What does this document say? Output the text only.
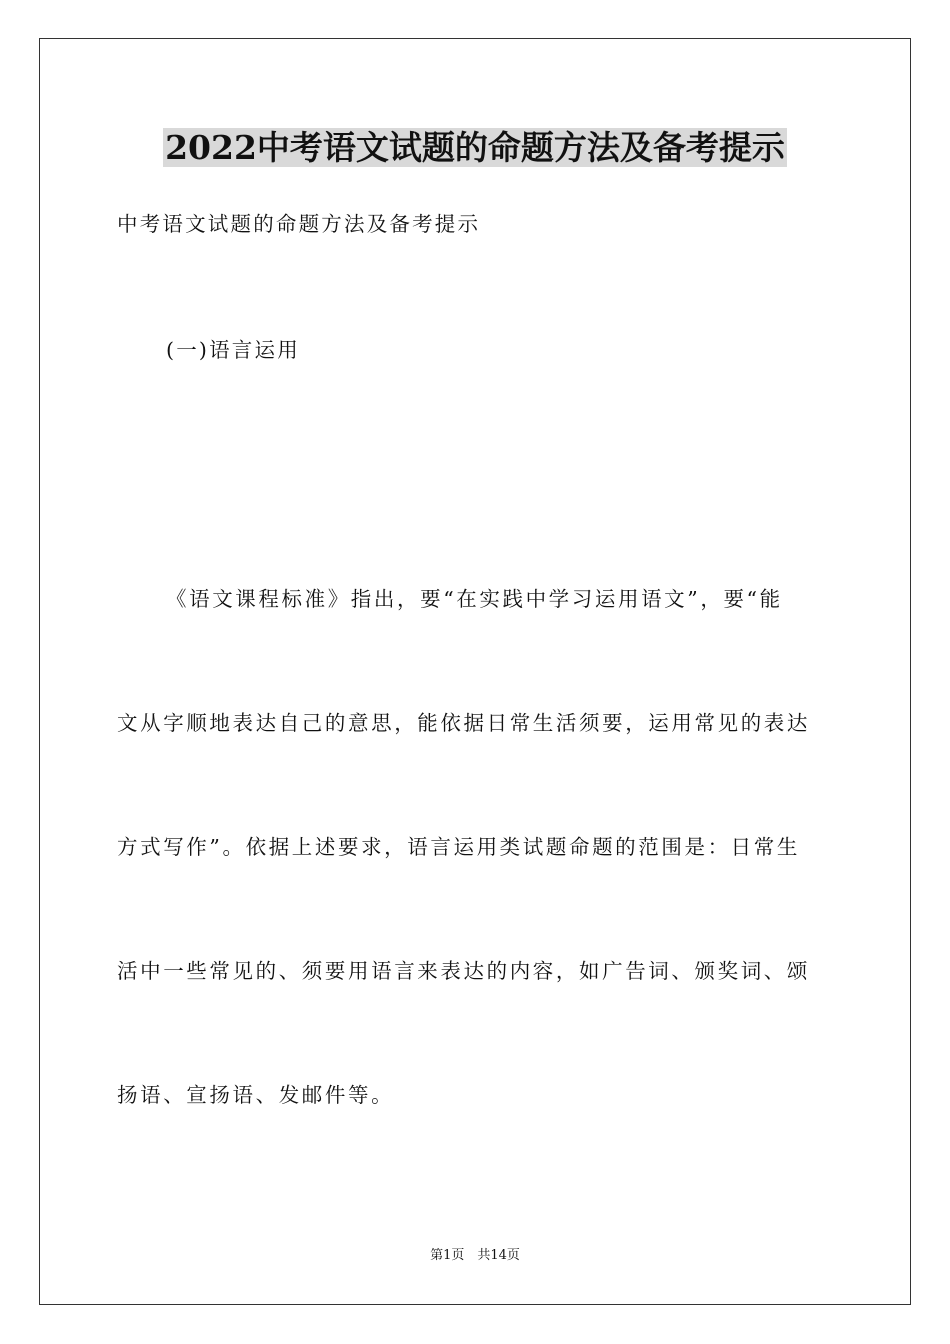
2022中考语文试题的命题方法及备考提示
中考语文试题的命题方法及备考提示
(一)语言运用
《语文课程标准》指出，要“在实践中学习运用语文”，要“能
文从字顺地表达自己的意思，能依据日常生活须要，运用常见的表达
方式写作”。依据上述要求，语言运用类试题命题的范围是：日常生
活中一些常见的、须要用语言来表达的内容，如广告词、颁奖词、颂
扬语、宣扬语、发邮件等。
第1页　共14页
